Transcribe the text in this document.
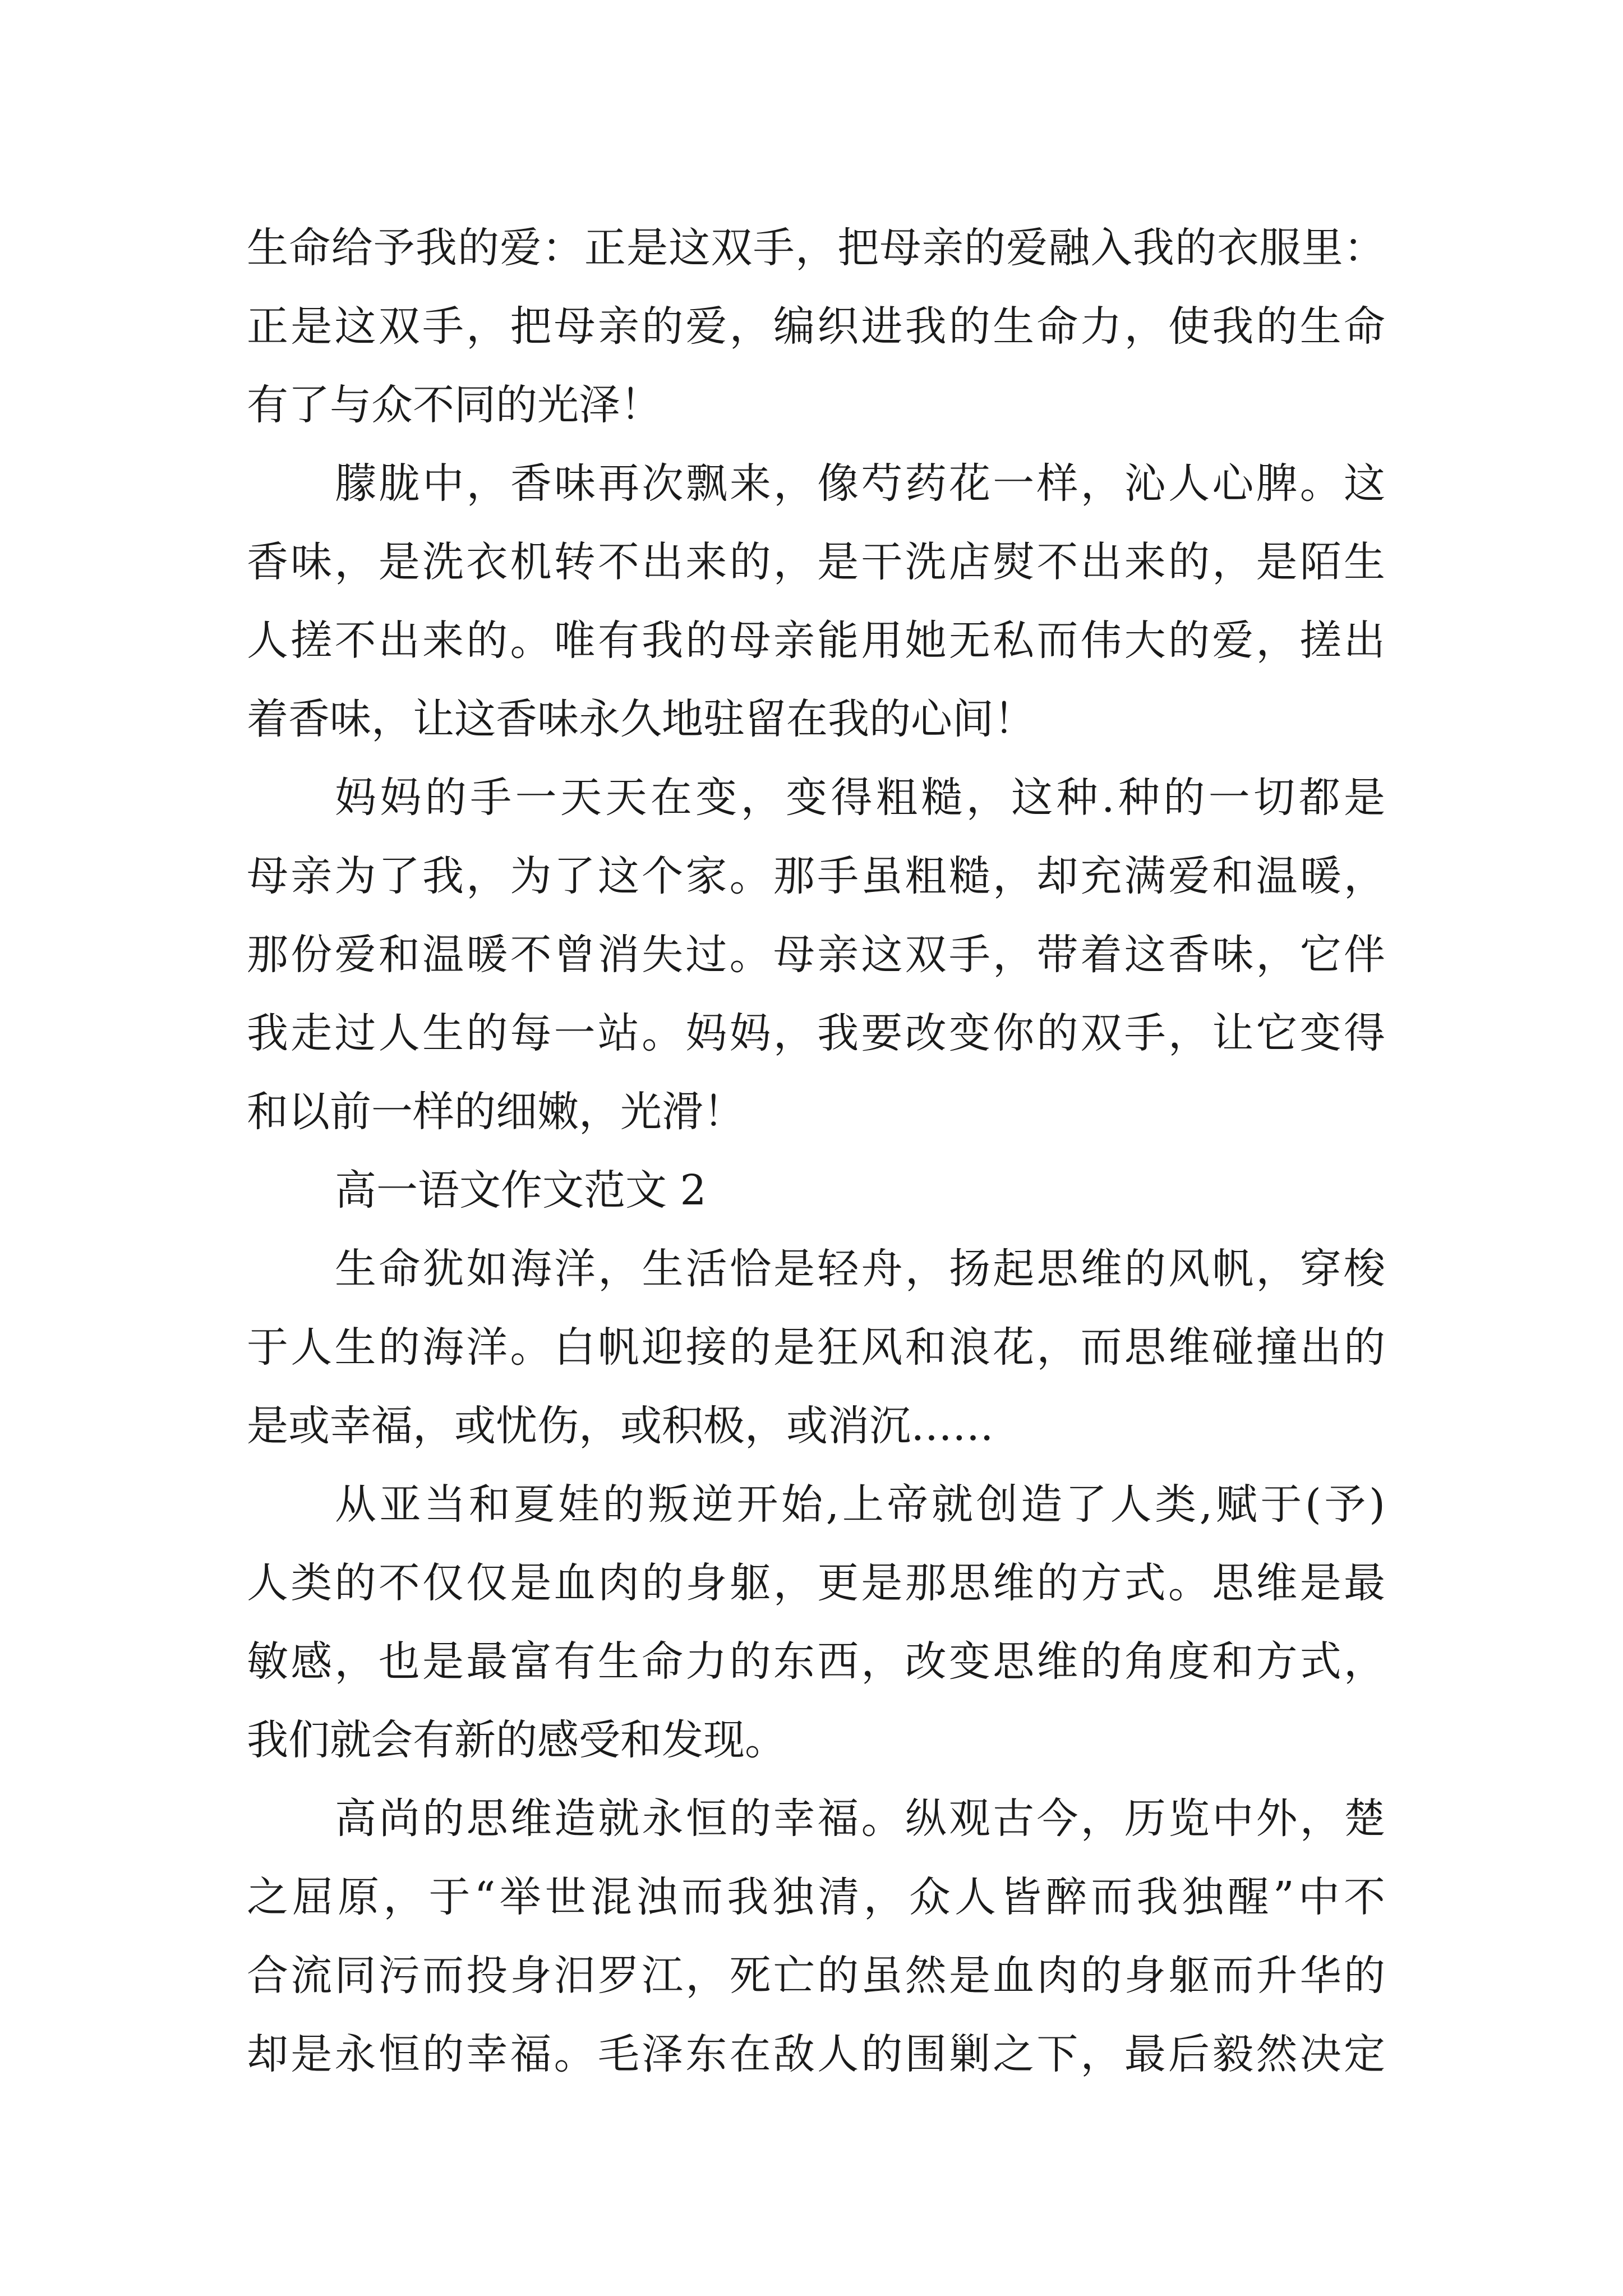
生命给予我的爱：正是这双手，把母亲的爱融入我的衣服里：

正是这双手，把母亲的爱，编织进我的生命力，使我的生命

有了与众不同的光泽！

朦胧中，香味再次飘来，像芍药花一样，沁人心脾。这

香味，是洗衣机转不出来的，是干洗店熨不出来的，是陌生

人搓不出来的。唯有我的母亲能用她无私而伟大的爱，搓出

着香味，让这香味永久地驻留在我的心间！

妈妈的手一天天在变，变得粗糙，这种.种的一切都是

母亲为了我，为了这个家。那手虽粗糙，却充满爱和温暖，

那份爱和温暖不曾消失过。母亲这双手，带着这香味，它伴

我走过人生的每一站。妈妈，我要改变你的双手，让它变得

和以前一样的细嫩，光滑！

高一语文作文范文 2

生命犹如海洋，生活恰是轻舟，扬起思维的风帆，穿梭

于人生的海洋。白帆迎接的是狂风和浪花，而思维碰撞出的

是或幸福，或忧伤，或积极，或消沉……

从亚当和夏娃的叛逆开始,上帝就创造了人类,赋于(予)

人类的不仅仅是血肉的身躯，更是那思维的方式。思维是最

敏感，也是最富有生命力的东西，改变思维的角度和方式，

我们就会有新的感受和发现。

高尚的思维造就永恒的幸福。纵观古今，历览中外，楚

之屈原，于“举世混浊而我独清，众人皆醉而我独醒”中不

合流同污而投身汨罗江，死亡的虽然是血肉的身躯而升华的

却是永恒的幸福。毛泽东在敌人的围剿之下，最后毅然决定
